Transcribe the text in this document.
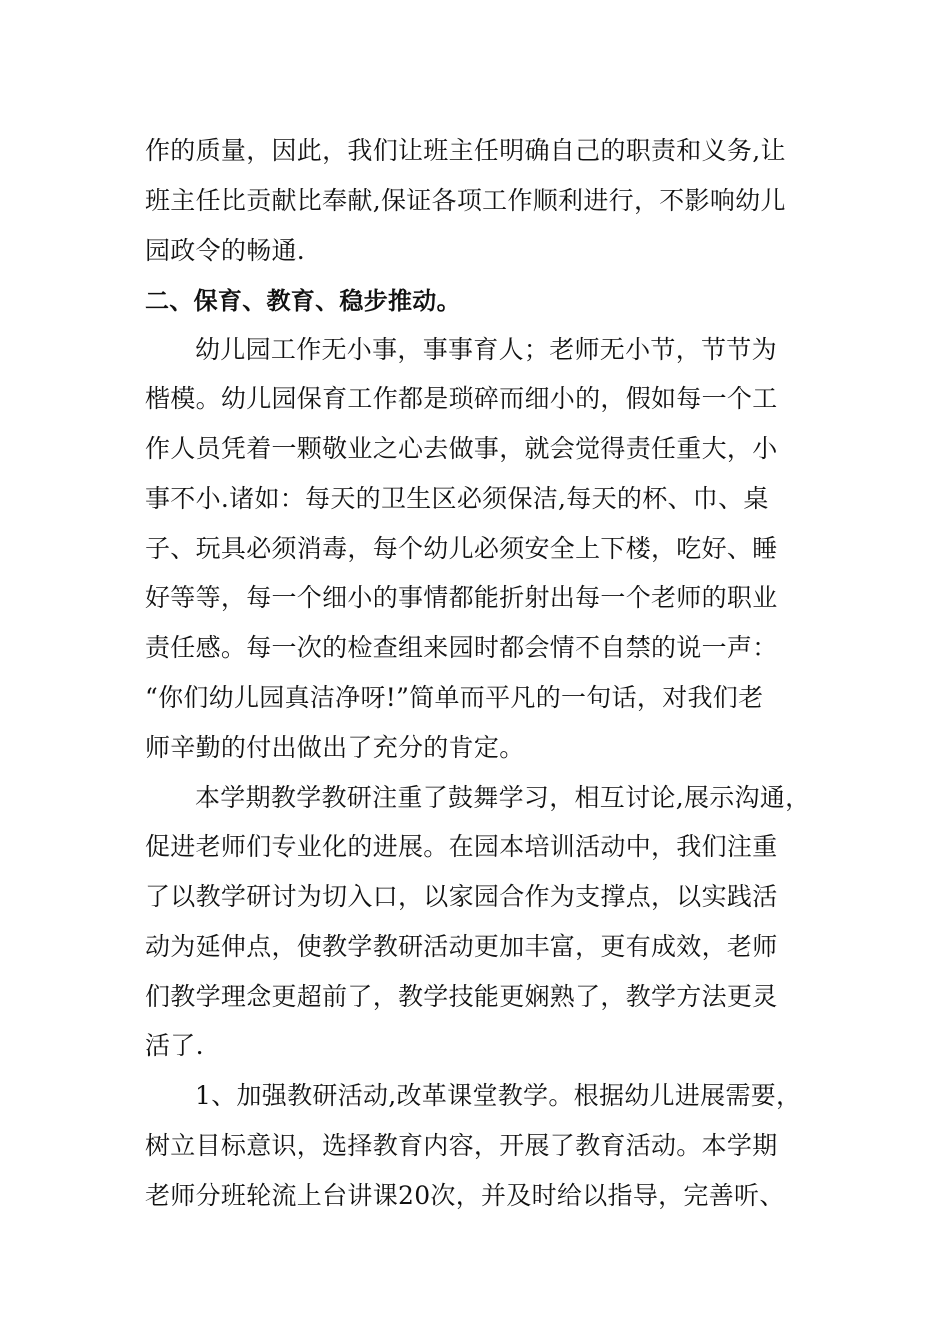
作的质量，因此，我们让班主任明确自己的职责和义务,让
班主任比贡献比奉献,保证各项工作顺利进行，不影响幼儿
园政令的畅通.
二、保育、教育、稳步推动。
幼儿园工作无小事，事事育人；老师无小节，节节为
楷模。幼儿园保育工作都是琐碎而细小的，假如每一个工
作人员凭着一颗敬业之心去做事，就会觉得责任重大，小
事不小.诸如：每天的卫生区必须保洁,每天的杯、巾、桌
子、玩具必须消毒，每个幼儿必须安全上下楼，吃好、睡
好等等，每一个细小的事情都能折射出每一个老师的职业
责任感。每一次的检查组来园时都会情不自禁的说一声：
“你们幼儿园真洁净呀!”简单而平凡的一句话，对我们老
师辛勤的付出做出了充分的肯定。
本学期教学教研注重了鼓舞学习，相互讨论,展示沟通，
促进老师们专业化的进展。在园本培训活动中，我们注重
了以教学研讨为切入口，以家园合作为支撑点，以实践活
动为延伸点，使教学教研活动更加丰富，更有成效，老师
们教学理念更超前了，教学技能更娴熟了，教学方法更灵
活了.
1、加强教研活动,改革课堂教学。根据幼儿进展需要，
树立目标意识，选择教育内容，开展了教育活动。本学期
老师分班轮流上台讲课20次，并及时给以指导，完善听、
